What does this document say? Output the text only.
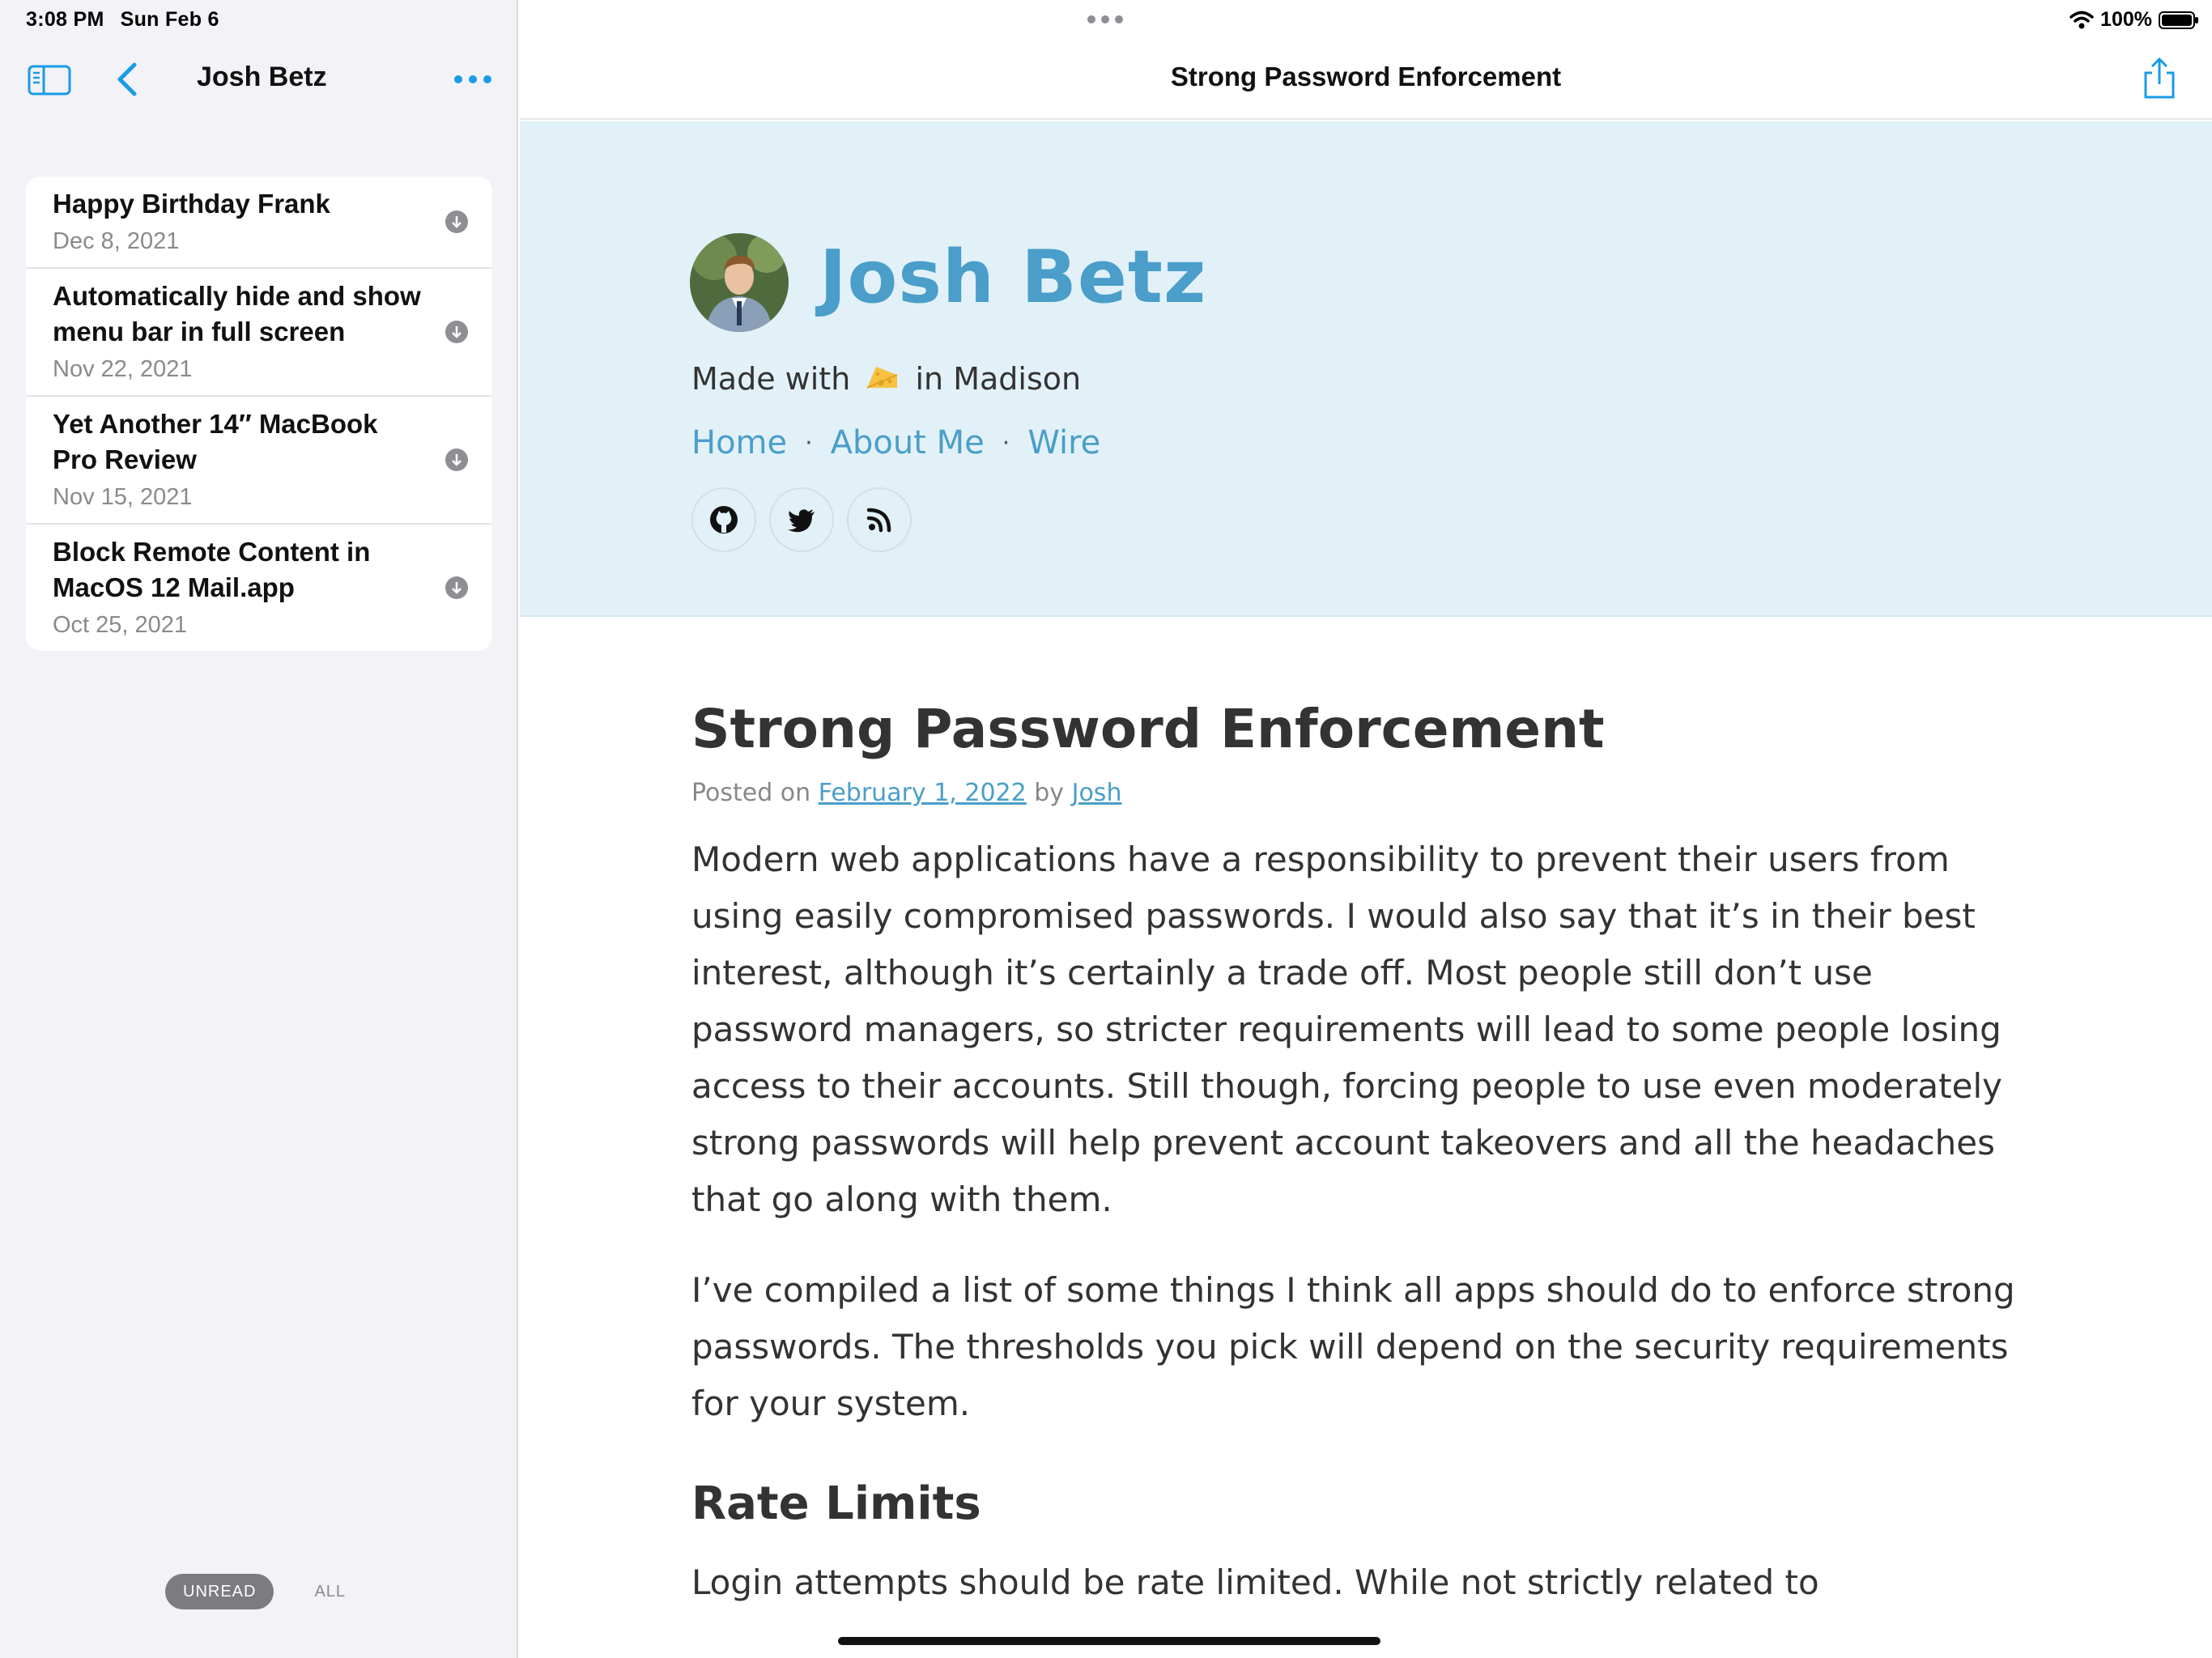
3:08 PM Sun Feb 6
Josh Betz
Happy Birthday Frank
Dec 8, 2021
Automatically hide and show menu bar in full screen
Nov 22, 2021
Yet Another 14″ MacBook Pro Review
Nov 15, 2021
Block Remote Content in MacOS 12 Mail.app
Oct 25, 2021
UNREAD	ALL
Strong Password Enforcement
100%
Josh Betz
Made with in Madison
Home · About Me · Wire
Strong Password Enforcement
Posted on February 1, 2022 by Josh

Modern web applications have a responsibility to prevent their users from using easily compromised passwords. I would also say that it’s in their best interest, although it’s certainly a trade off. Most people still don’t use password managers, so stricter requirements will lead to some people losing access to their accounts. Still though, forcing people to use even moderately strong passwords will help prevent account takeovers and all the headaches that go along with them.

I’ve compiled a list of some things I think all apps should do to enforce strong passwords. The thresholds you pick will depend on the security requirements for your system.

Rate Limits

Login attempts should be rate limited. While not strictly related to
